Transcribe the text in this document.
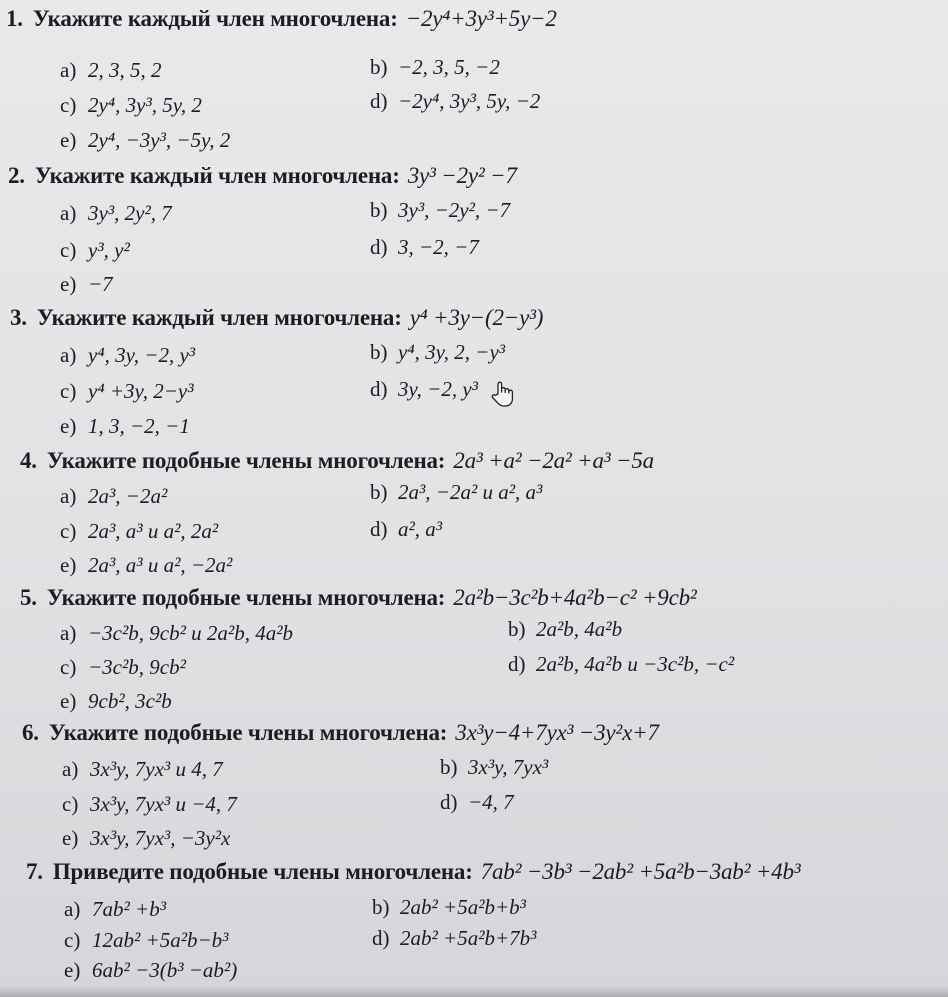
1. Укажите каждый член многочлена: −2y⁴+3y³+5y−2
a) 2, 3, 5, 2	b) −2, 3, 5, −2
c) 2y⁴, 3y³, 5y, 2	d) −2y⁴, 3y³, 5y, −2
e) 2y⁴, −3y³, −5y, 2
2. Укажите каждый член многочлена: 3y³ −2y² −7
a) 3y³, 2y², 7	b) 3y³, −2y², −7
c) y³, y²	d) 3, −2, −7
e) −7
3. Укажите каждый член многочлена: y⁴ +3y−(2−y³)
a) y⁴, 3y, −2, y³	b) y⁴, 3y, 2, −y³
c) y⁴ +3y, 2−y³	d) 3y, −2, y³
e) 1, 3, −2, −1
4. Укажите подобные члены многочлена: 2a³ +a² −2a² +a³ −5a
a) 2a³, −2a²	b) 2a³, −2a² и a², a³
c) 2a³, a³ и a², 2a²	d) a², a³
e) 2a³, a³ и a², −2a²
5. Укажите подобные члены многочлена: 2a²b−3c²b+4a²b−c² +9cb²
a) −3c²b, 9cb² и 2a²b, 4a²b	b) 2a²b, 4a²b
c) −3c²b, 9cb²	d) 2a²b, 4a²b и −3c²b, −c²
e) 9cb², 3c²b
6. Укажите подобные члены многочлена: 3x³y−4+7yx³ −3y²x+7
a) 3x³y, 7yx³ и 4, 7	b) 3x³y, 7yx³
c) 3x³y, 7yx³ и −4, 7	d) −4, 7
e) 3x³y, 7yx³, −3y²x
7. Приведите подобные члены многочлена: 7ab² −3b³ −2ab² +5a²b−3ab² +4b³
a) 7ab² +b³	b) 2ab² +5a²b+b³
c) 12ab² +5a²b−b³	d) 2ab² +5a²b+7b³
e) 6ab² −3(b³ −ab²)
